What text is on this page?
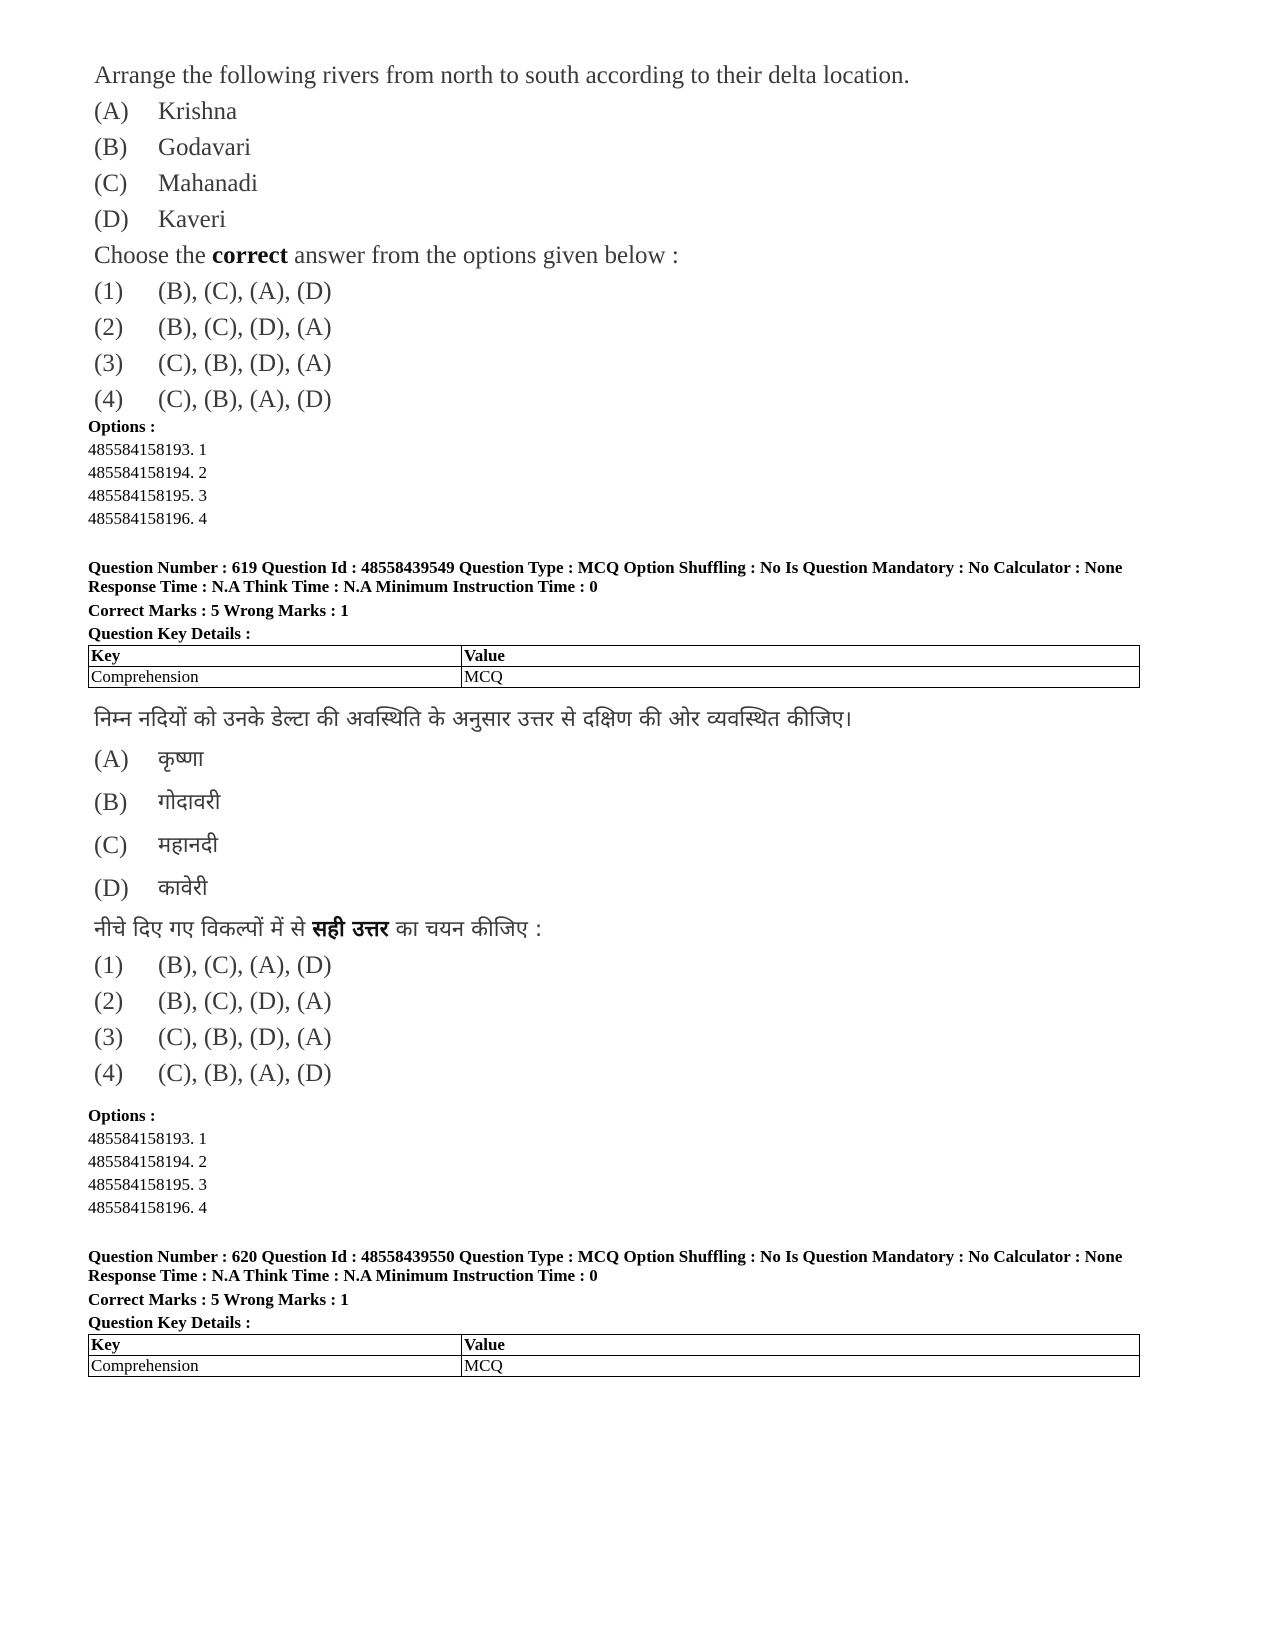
Arrange the following rivers from north to south according to their delta location.

(A)	Krishna
(B)	Godavari
(C)	Mahanadi
(D)	Kaveri
Choose the correct answer from the options given below :
(1)	(B), (C), (A), (D)
(2)	(B), (C), (D), (A)
(3)	(C), (B), (D), (A)
(4)	(C), (B), (A), (D)
Options :
485584158193. 1
485584158194. 2
485584158195. 3
485584158196. 4
Question Number : 619 Question Id : 48558439549 Question Type : MCQ Option Shuffling : No Is Question Mandatory : No Calculator : None
Response Time : N.A Think Time : N.A Minimum Instruction Time : 0
Correct Marks : 5 Wrong Marks : 1
Question Key Details :
Key	Value
Comprehension	MCQ

निम्न नदियों को उनके डेल्टा की अवस्थिति के अनुसार उत्तर से दक्षिण की ओर व्यवस्थित कीजिए।

(A)	कृष्णा
(B)	गोदावरी
(C)	महानदी
(D)	कावेरी
नीचे दिए गए विकल्पों में से सही उत्तर का चयन कीजिए :
(1)	(B), (C), (A), (D)
(2)	(B), (C), (D), (A)
(3)	(C), (B), (D), (A)
(4)	(C), (B), (A), (D)
Options :
485584158193. 1
485584158194. 2
485584158195. 3
485584158196. 4
Question Number : 620 Question Id : 48558439550 Question Type : MCQ Option Shuffling : No Is Question Mandatory : No Calculator : None
Response Time : N.A Think Time : N.A Minimum Instruction Time : 0
Correct Marks : 5 Wrong Marks : 1
Question Key Details :
Key	Value
Comprehension	MCQ
